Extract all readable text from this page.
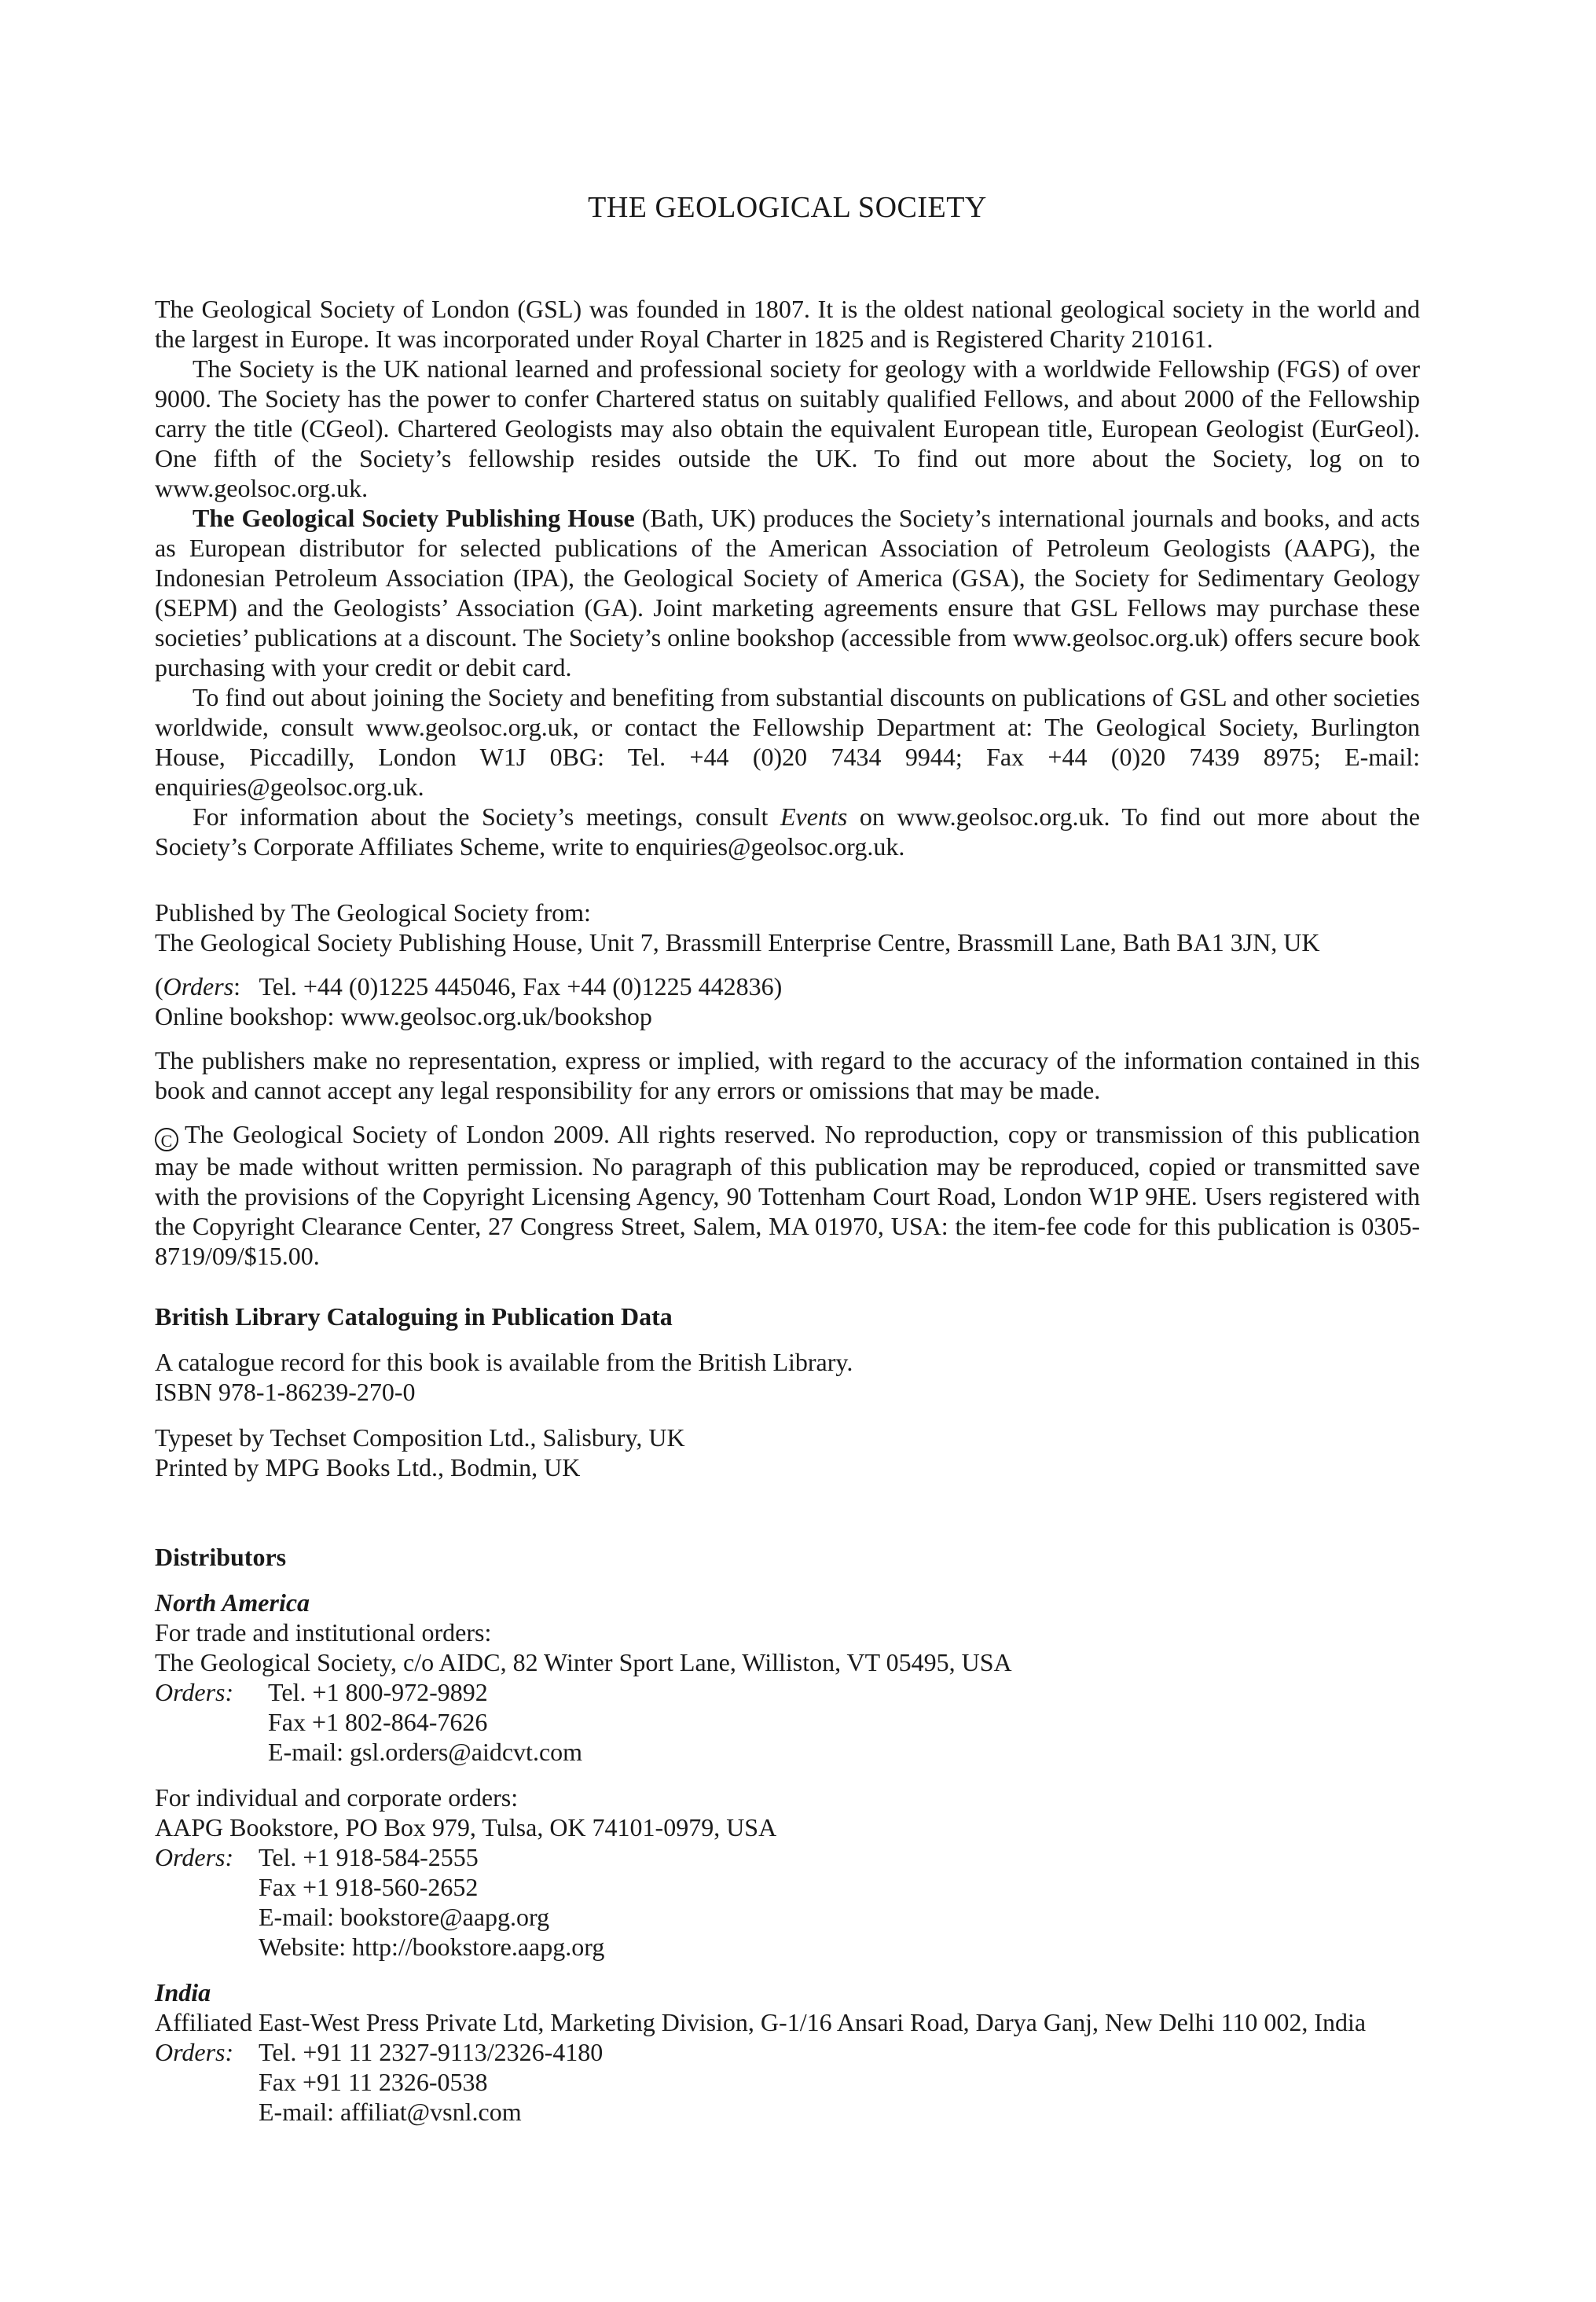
THE GEOLOGICAL SOCIETY

The Geological Society of London (GSL) was founded in 1807. It is the oldest national geological society in the world and the largest in Europe. It was incorporated under Royal Charter in 1825 and is Registered Charity 210161.

The Society is the UK national learned and professional society for geology with a worldwide Fellowship (FGS) of over 9000. The Society has the power to confer Chartered status on suitably qualified Fellows, and about 2000 of the Fellowship carry the title (CGeol). Chartered Geologists may also obtain the equivalent European title, European Geologist (EurGeol). One fifth of the Society’s fellowship resides outside the UK. To find out more about the Society, log on to www.geolsoc.org.uk.

The Geological Society Publishing House (Bath, UK) produces the Society’s international journals and books, and acts as European distributor for selected publications of the American Association of Petroleum Geologists (AAPG), the Indonesian Petroleum Association (IPA), the Geological Society of America (GSA), the Society for Sedimentary Geology (SEPM) and the Geologists’ Association (GA). Joint marketing agreements ensure that GSL Fellows may purchase these societies’ publications at a discount. The Society’s online bookshop (accessible from www.geolsoc.org.uk) offers secure book purchasing with your credit or debit card.

To find out about joining the Society and benefiting from substantial discounts on publications of GSL and other societies worldwide, consult www.geolsoc.org.uk, or contact the Fellowship Department at: The Geological Society, Burlington House, Piccadilly, London W1J 0BG: Tel. +44 (0)20 7434 9944; Fax +44 (0)20 7439 8975; E-mail: enquiries@geolsoc.org.uk.

For information about the Society’s meetings, consult Events on www.geolsoc.org.uk. To find out more about the Society’s Corporate Affiliates Scheme, write to enquiries@geolsoc.org.uk.

Published by The Geological Society from:

The Geological Society Publishing House, Unit 7, Brassmill Enterprise Centre, Brassmill Lane, Bath BA1 3JN, UK

(Orders:   Tel. +44 (0)1225 445046, Fax +44 (0)1225 442836)

Online bookshop: www.geolsoc.org.uk/bookshop

The publishers make no representation, express or implied, with regard to the accuracy of the information contained in this book and cannot accept any legal responsibility for any errors or omissions that may be made.

C The Geological Society of London 2009. All rights reserved. No reproduction, copy or transmission of this publication may be made without written permission. No paragraph of this publication may be reproduced, copied or transmitted save with the provisions of the Copyright Licensing Agency, 90 Tottenham Court Road, London W1P 9HE. Users registered with the Copyright Clearance Center, 27 Congress Street, Salem, MA 01970, USA: the item-fee code for this publication is 0305-8719/09/$15.00.

British Library Cataloguing in Publication Data

A catalogue record for this book is available from the British Library.

ISBN 978-1-86239-270-0

Typeset by Techset Composition Ltd., Salisbury, UK

Printed by MPG Books Ltd., Bodmin, UK

Distributors

North America

For trade and institutional orders:

The Geological Society, c/o AIDC, 82 Winter Sport Lane, Williston, VT 05495, USA

Orders:	Tel. +1 800-972-9892

Fax +1 802-864-7626

E-mail: gsl.orders@aidcvt.com

For individual and corporate orders:

AAPG Bookstore, PO Box 979, Tulsa, OK 74101-0979, USA

Orders: Tel. +1 918-584-2555

Fax +1 918-560-2652

E-mail: bookstore@aapg.org

Website: http://bookstore.aapg.org

India

Affiliated East-West Press Private Ltd, Marketing Division, G-1/16 Ansari Road, Darya Ganj, New Delhi 110 002, India

Orders: Tel. +91 11 2327-9113/2326-4180

Fax +91 11 2326-0538

E-mail: affiliat@vsnl.com
